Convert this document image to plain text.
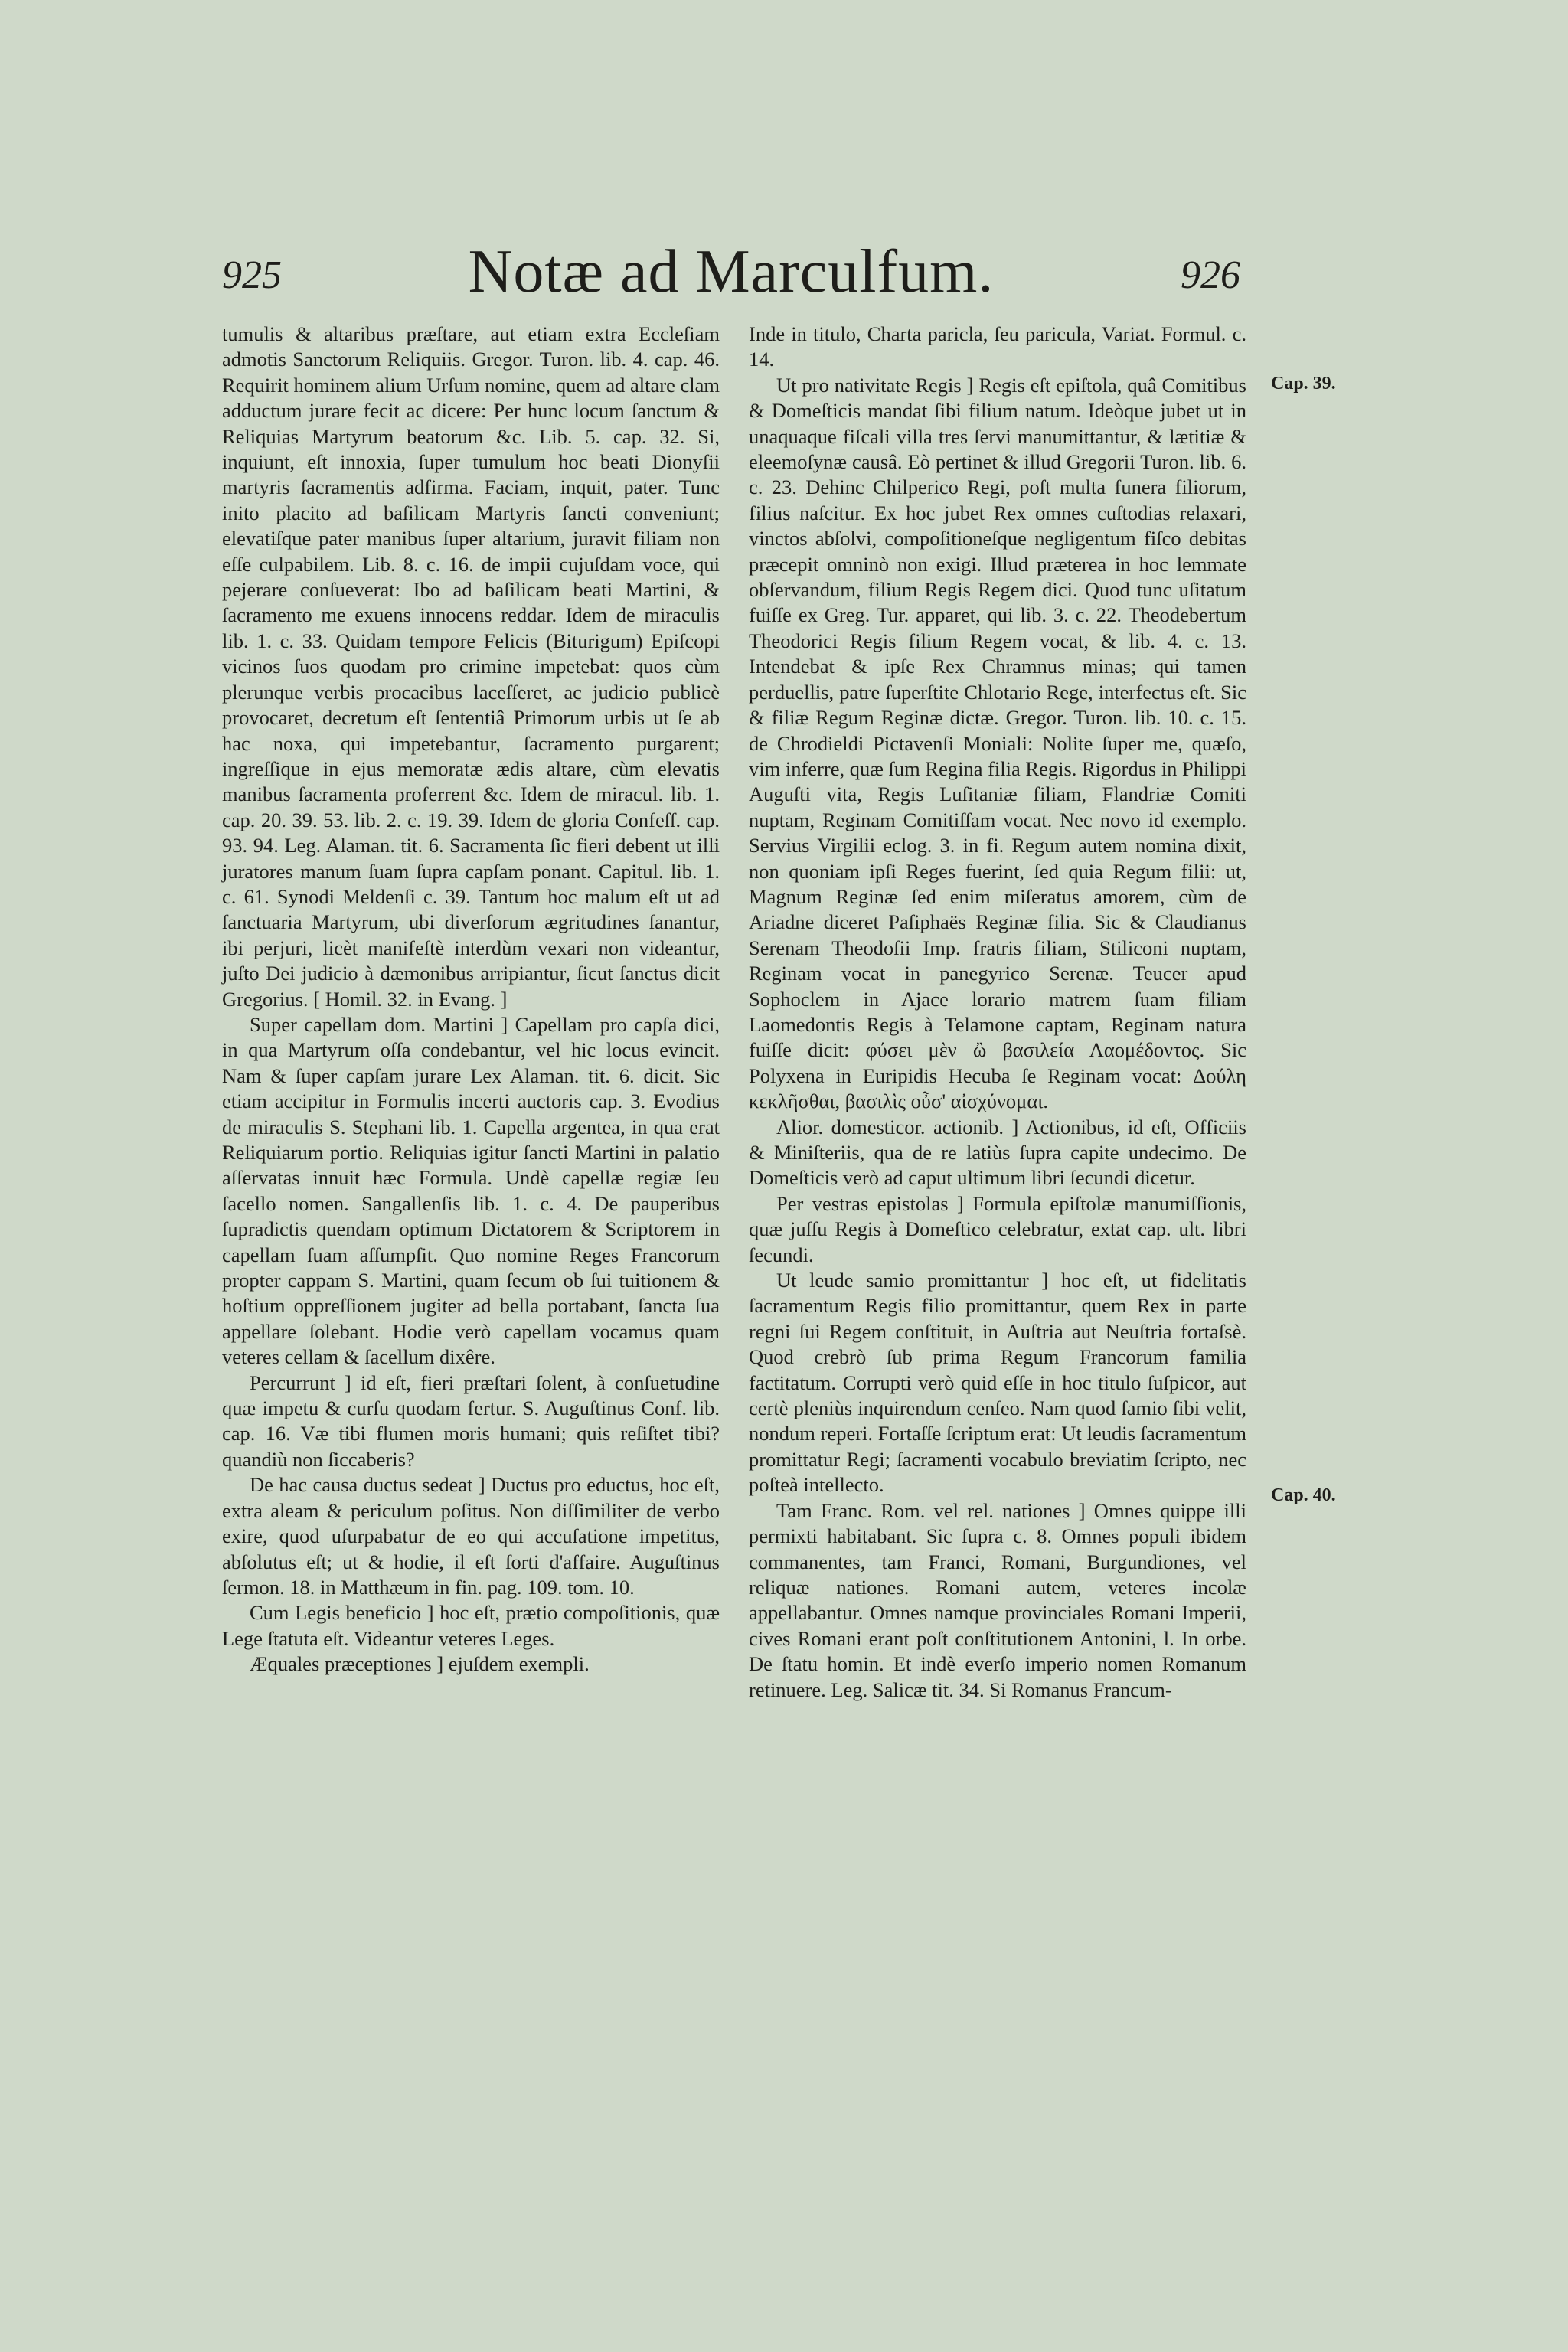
925	Notæ ad Marculfum.	926

tumulis & altaribus præſtare, aut etiam extra Eccleſiam admotis Sanctorum Reliquiis. Gregor. Turon. lib. 4. cap. 46. Requirit hominem alium Urſum nomine, quem ad altare clam adductum jurare fecit ac dicere: Per hunc locum ſanctum & Reliquias Martyrum beatorum &c. Lib. 5. cap. 32. Si, inquiunt, eſt innoxia, ſuper tumulum hoc beati Dionyſii martyris ſacramentis adfirma. Faciam, inquit, pater. Tunc inito placito ad baſilicam Martyris ſancti conveniunt; elevatiſque pater manibus ſuper altarium, juravit filiam non eſſe culpabilem. Lib. 8. c. 16. de impii cujuſdam voce, qui pejerare conſueverat: Ibo ad baſilicam beati Martini, & ſacramento me exuens innocens reddar. Idem de miraculis lib. 1. c. 33. Quidam tempore Felicis (Biturigum) Epiſcopi vicinos ſuos quodam pro crimine impetebat: quos cùm plerunque verbis procacibus laceſſeret, ac judicio publicè provocaret, decretum eſt ſententiâ Primorum urbis ut ſe ab hac noxa, qui impetebantur, ſacramento purgarent; ingreſſique in ejus memoratæ ædis altare, cùm elevatis manibus ſacramenta proferrent &c. Idem de miracul. lib. 1. cap. 20. 39. 53. lib. 2. c. 19. 39. Idem de gloria Confeſſ. cap. 93. 94. Leg. Alaman. tit. 6. Sacramenta ſic fieri debent ut illi juratores manum ſuam ſupra capſam ponant. Capitul. lib. 1. c. 61. Synodi Meldenſi c. 39. Tantum hoc malum eſt ut ad ſanctuaria Martyrum, ubi diverſorum ægritudines ſanantur, ibi perjuri, licèt manifeſtè interdùm vexari non videantur, juſto Dei judicio à dæmonibus arripiantur, ſicut ſanctus dicit Gregorius. [ Homil. 32. in Evang. ]

Super capellam dom. Martini ] Capellam pro capſa dici, in qua Martyrum oſſa condebantur, vel hic locus evincit. Nam & ſuper capſam jurare Lex Alaman. tit. 6. dicit. Sic etiam accipitur in Formulis incerti auctoris cap. 3. Evodius de miraculis S. Stephani lib. 1. Capella argentea, in qua erat Reliquiarum portio. Reliquias igitur ſancti Martini in palatio aſſervatas innuit hæc Formula. Undè capellæ regiæ ſeu ſacello nomen. Sangallenſis lib. 1. c. 4. De pauperibus ſupradictis quendam optimum Dictatorem & Scriptorem in capellam ſuam aſſumpſit. Quo nomine Reges Francorum propter cappam S. Martini, quam ſecum ob ſui tuitionem & hoſtium oppreſſionem jugiter ad bella portabant, ſancta ſua appellare ſolebant. Hodie verò capellam vocamus quam veteres cellam & ſacellum dixêre.

Percurrunt ] id eſt, fieri præſtari ſolent, à conſuetudine quæ impetu & curſu quodam fertur. S. Auguſtinus Conf. lib. cap. 16. Væ tibi flumen moris humani; quis reſiſtet tibi? quandiù non ſiccaberis?

De hac causa ductus sedeat ] Ductus pro eductus, hoc eſt, extra aleam & periculum poſitus. Non diſſimiliter de verbo exire, quod uſurpabatur de eo qui accuſatione impetitus, abſolutus eſt; ut & hodie, il eſt ſorti d'affaire. Auguſtinus ſermon. 18. in Matthæum in fin. pag. 109. tom. 10.

Cum Legis beneficio ] hoc eſt, prætio compoſitionis, quæ Lege ſtatuta eſt. Videantur veteres Leges.

Æquales præceptiones ] ejuſdem exempli.

Inde in titulo, Charta paricla, ſeu paricula, Variat. Formul. c. 14.

Ut pro nativitate Regis ] Regis eſt epiſtola, quâ Comitibus & Domeſticis mandat ſibi filium natum. Ideòque jubet ut in unaquaque fiſcali villa tres ſervi manumittantur, & lætitiæ & eleemoſynæ causâ. Eò pertinet & illud Gregorii Turon. lib. 6. c. 23. Dehinc Chilperico Regi, poſt multa funera filiorum, filius naſcitur. Ex hoc jubet Rex omnes cuſtodias relaxari, vinctos abſolvi, compoſitioneſque negligentum fiſco debitas præcepit omninò non exigi. Illud præterea in hoc lemmate obſervandum, filium Regis Regem dici. Quod tunc uſitatum fuiſſe ex Greg. Tur. apparet, qui lib. 3. c. 22. Theodebertum Theodorici Regis filium Regem vocat, & lib. 4. c. 13. Intendebat & ipſe Rex Chramnus minas; qui tamen perduellis, patre ſuperſtite Chlotario Rege, interfectus eſt. Sic & filiæ Regum Reginæ dictæ. Gregor. Turon. lib. 10. c. 15. de Chrodieldi Pictavenſi Moniali: Nolite ſuper me, quæſo, vim inferre, quæ ſum Regina filia Regis. Rigordus in Philippi Auguſti vita, Regis Luſitaniæ filiam, Flandriæ Comiti nuptam, Reginam Comitiſſam vocat. Nec novo id exemplo. Servius Virgilii eclog. 3. in fi. Regum autem nomina dixit, non quoniam ipſi Reges fuerint, ſed quia Regum filii: ut, Magnum Reginæ ſed enim miſeratus amorem, cùm de Ariadne diceret Paſiphaës Reginæ filia. Sic & Claudianus Serenam Theodoſii Imp. fratris filiam, Stiliconi nuptam, Reginam vocat in panegyrico Serenæ. Teucer apud Sophoclem in Ajace lorario matrem ſuam filiam Laomedontis Regis à Telamone captam, Reginam natura fuiſſe dicit: φύσει μὲν ὢ βασιλεία Λαομέδοντος. Sic Polyxena in Euripidis Hecuba ſe Reginam vocat: Δούλη κεκλῆσθαι, βασιλὶς οὖσ' αἰσχύνομαι.

Alior. domesticor. actionib. ] Actionibus, id eſt, Officiis & Miniſteriis, qua de re latiùs ſupra capite undecimo. De Domeſticis verò ad caput ultimum libri ſecundi dicetur.

Per vestras epistolas ] Formula epiſtolæ manumiſſionis, quæ juſſu Regis à Domeſtico celebratur, extat cap. ult. libri ſecundi.

Ut leude samio promittantur ] hoc eſt, ut fidelitatis ſacramentum Regis filio promittantur, quem Rex in parte regni ſui Regem conſtituit, in Auſtria aut Neuſtria fortaſsè. Quod crebrò ſub prima Regum Francorum familia factitatum. Corrupti verò quid eſſe in hoc titulo ſuſpicor, aut certè pleniùs inquirendum cenſeo. Nam quod ſamio ſibi velit, nondum reperi. Fortaſſe ſcriptum erat: Ut leudis ſacramentum promittatur Regi; ſacramenti vocabulo breviatim ſcripto, nec poſteà intellecto.

Tam Franc. Rom. vel rel. nationes ] Omnes quippe illi permixti habitabant. Sic ſupra c. 8. Omnes populi ibidem commanentes, tam Franci, Romani, Burgundiones, vel reliquæ nationes. Romani autem, veteres incolæ appellabantur. Omnes namque provinciales Romani Imperii, cives Romani erant poſt conſtitutionem Antonini, l. In orbe. De ſtatu homin. Et indè everſo imperio nomen Romanum retinuere. Leg. Salicæ tit. 34. Si Romanus Francum-

Cap. 39.
Cap. 40.
